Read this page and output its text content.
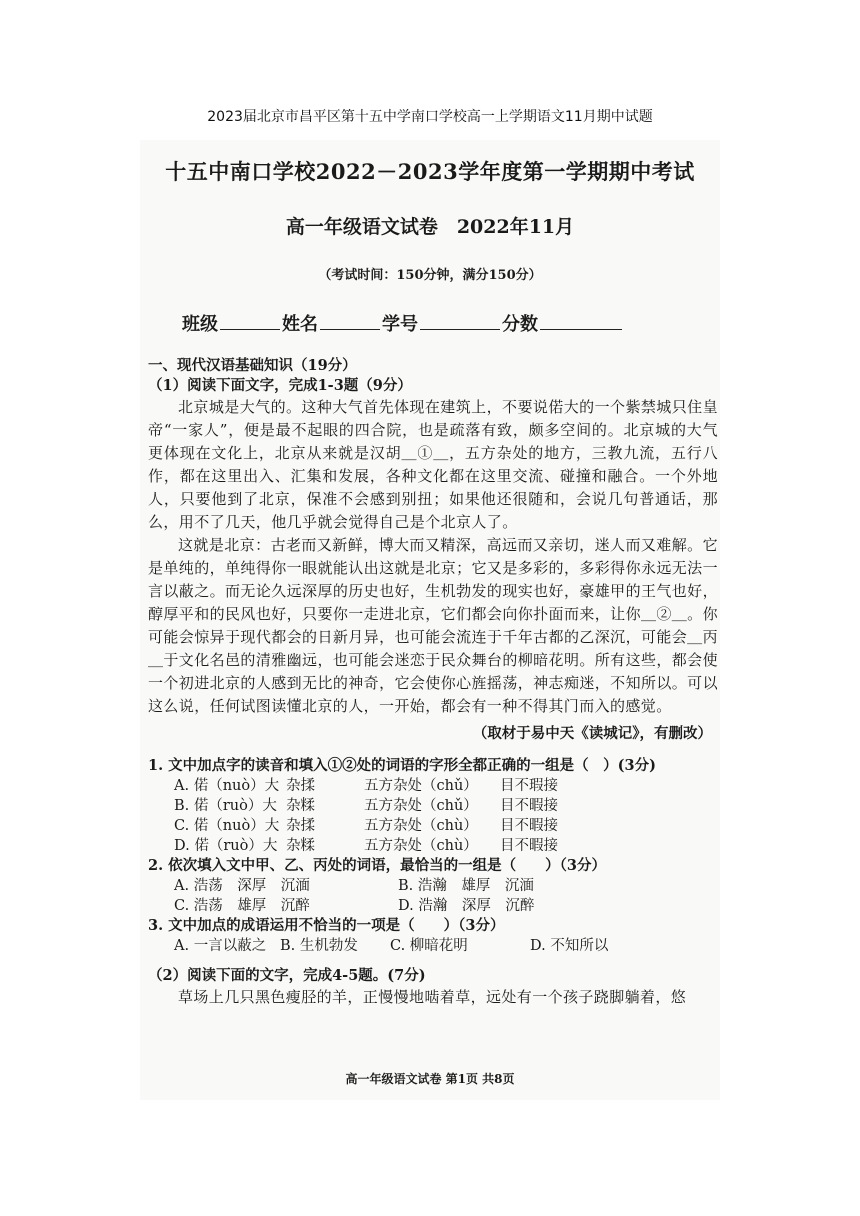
2023届北京市昌平区第十五中学南口学校高一上学期语文11月期中试题
十五中南口学校2022－2023学年度第一学期期中考试
高一年级语文试卷　2022年11月
（考试时间：150分钟，满分150分）
班级	姓名	学号	分数

一、现代汉语基础知识（19分）

（1）阅读下面文字，完成1-3题（9分）

北京城是大气的。这种大气首先体现在建筑上，不要说偌大的一个紫禁城只住皇帝“一家人”，便是最不起眼的四合院，也是疏落有致，颇多空间的。北京城的大气更体现在文化上，北京从来就是汉胡＿①＿，五方杂处的地方，三教九流，五行八作，都在这里出入、汇集和发展，各种文化都在这里交流、碰撞和融合。一个外地人，只要他到了北京，保准不会感到别扭；如果他还很随和，会说几句普通话，那么，用不了几天，他几乎就会觉得自己是个北京人了。

这就是北京：古老而又新鲜，博大而又精深，高远而又亲切，迷人而又难解。它是单纯的，单纯得你一眼就能认出这就是北京；它又是多彩的，多彩得你永远无法一言以蔽之。而无论久远深厚的历史也好，生机勃发的现实也好，豪雄甲的王气也好，醇厚平和的民风也好，只要你一走进北京，它们都会向你扑面而来，让你＿②＿。你可能会惊异于现代都会的日新月异，也可能会流连于千年古都的乙深沉，可能会＿丙＿于文化名邑的清雅幽远，也可能会迷恋于民众舞台的柳暗花明。所有这些，都会使一个初进北京的人感到无比的神奇，它会使你心旌摇荡，神志痴迷，不知所以。可以这么说，任何试图读懂北京的人，一开始，都会有一种不得其门而入的感觉。

（取材于易中天《读城记》，有删改）

1. 文中加点字的读音和填入①②处的词语的字形全都正确的一组是（　）(3分)

A. 偌（nuò）大 杂揉	五方杂处（chǔ）	目不瑕接
B. 偌（ruò）大 杂糅	五方杂处（chǔ）	目不暇接
C. 偌（nuò）大 杂揉	五方杂处（chù）	目不暇接
D. 偌（ruò）大 杂糅	五方杂处（chù）	目不暇接

2. 依次填入文中甲、乙、丙处的词语，最恰当的一组是（　　）（3分）

A. 浩荡　深厚　沉湎	B. 浩瀚　雄厚　沉湎
C. 浩荡　雄厚　沉醉	D. 浩瀚　深厚　沉醉

3. 文中加点的成语运用不恰当的一项是（　　）（3分）

A. 一言以蔽之 B. 生机勃发	C. 柳暗花明	D. 不知所以

（2）阅读下面的文字，完成4-5题。(7分)

草场上几只黑色瘦胫的羊，正慢慢地啮着草，远处有一个孩子跷脚躺着，悠

高一年级语文试卷 第1页 共8页
